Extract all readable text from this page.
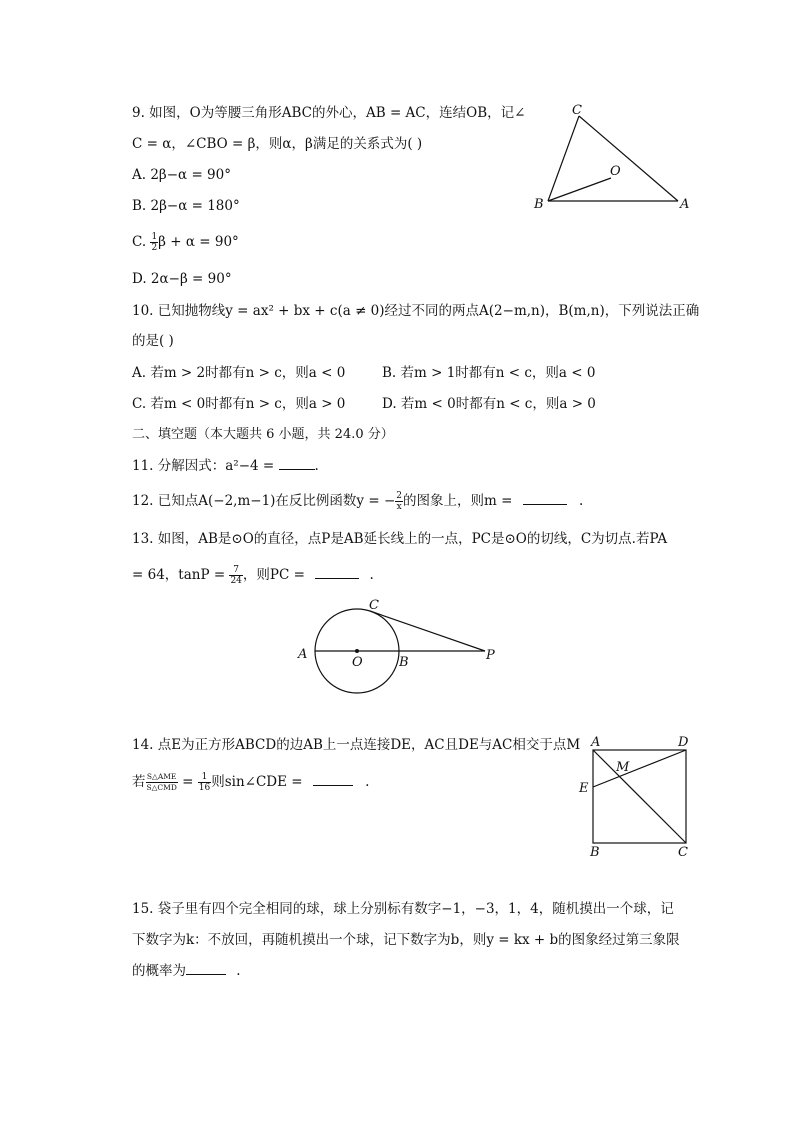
9. 如图，O为等腰三角形ABC的外心，AB = AC，连结OB，记∠
C = α，∠CBO = β，则α，β满足的关系式为( )
A. 2β−α = 90°
B. 2β−α = 180°
C. $\frac{1}{2}$ β + α = 90°
D. 2α−β = 90°
C
O
B	A
10. 已知抛物线y = ax² + bx + c(a ≠ 0)经过不同的两点A(2−m,n)，B(m,n)，下列说法正确
的是( )
A. 若m > 2时都有n > c，则a < 0	B. 若m > 1时都有n < c，则a < 0
C. 若m < 0时都有n > c，则a > 0	D. 若m < 0时都有n < c，则a > 0
二、填空题（本大题共 6 小题，共 24.0 分）
11. 分解因式：a²−4 =	.
12. 已知点A(−2,m−1)在反比例函数y = − $\frac{2}{x}$ 的图象上，则m =	.
13. 如图，AB是⊙O的直径，点P是AB延长线上的一点，PC是⊙O的切线，C为切点.若PA
= 64，$\tan P = \frac{7}{24}$ ，则PC =	.
C
A
O	B	P
14. 点E为正方形ABCD的边AB上一点连接DE，AC且DE与AC相交于点M
若 $\frac{\text{S△AME}}{\text{S△CMD}} = \frac{1}{16}$ 则sin∠CDE =	.
A	D
M
E
B	C
15. 袋子里有四个完全相同的球，球上分别标有数字−1，−3，1，4，随机摸出一个球，记
下数字为k：不放回，再随机摸出一个球，记下数字为b，则y = kx + b的图象经过第三象限
的概率为	.
